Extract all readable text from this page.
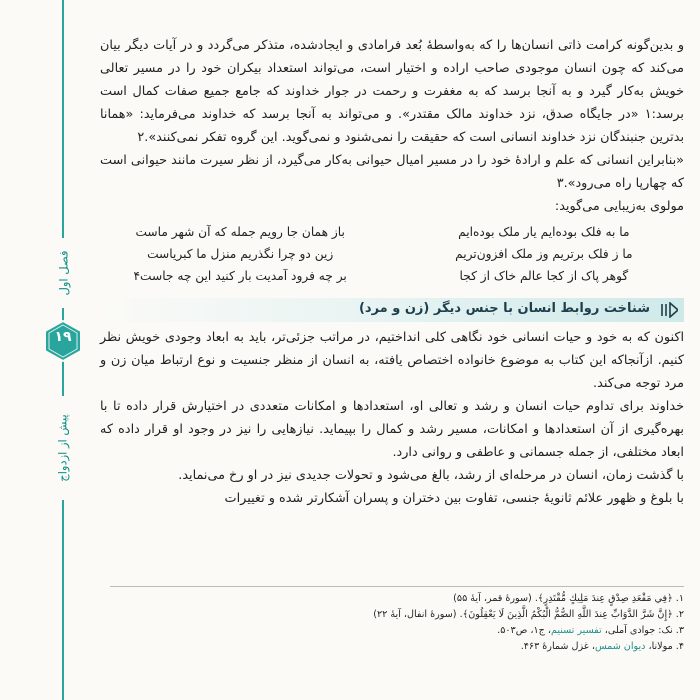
فصل اول
۱۹
پیش از ازدواج

و بدین‌گونه کرامت ذاتی انسان‌ها را که به‌واسطهٔ بُعد فرامادی و ایجادشده، متذکر می‌گردد و در آیات دیگر بیان می‌کند که چون انسان موجودی صاحب اراده و اختیار است، می‌تواند استعداد بیکران خود را در مسیر تعالی خویش به‌کار گیرد و به آنجا برسد که به مغفرت و رحمت در جوار خداوند که جامع جمیع صفات کمال است برسد:۱ «در جایگاه صدق، نزد خداوند مالک مقتدر». و می‌تواند به آنجا برسد که خداوند می‌فرماید: «همانا بدترین جنبندگان نزد خداوند انسانی است که حقیقت را نمی‌شنود و نمی‌گوید. این گروه تفکر نمی‌کنند».۲

«بنابراین انسانی که علم و ارادهٔ خود را در مسیر امیال حیوانی به‌کار می‌گیرد، از نظر سیرت مانند حیوانی است که چهارپا راه می‌رود».۳

مولوی به‌زیبایی می‌گوید:

ما به فلک بوده‌ایم یار ملک بوده‌ایم
باز همان جا رویم جمله که آن شهر ماست
ما ز فلک برتریم وز ملک افزون‌تریم
زین دو چرا نگذریم منزل ما کبریاست
گوهر پاک از کجا عالم خاک از کجا
بر چه فرود آمدیت بار کنید این چه جاست۴
شناخت روابط انسان با جنس دیگر (زن و مرد)

اکنون که به خود و حیات انسانی خود نگاهی کلی انداختیم، در مراتب جزئی‌تر، باید به ابعاد وجودی خویش نظر کنیم. ازآنجاکه این کتاب به موضوع خانواده اختصاص یافته، به انسان از منظر جنسیت و نوع ارتباط میان زن و مرد توجه می‌کند.

خداوند برای تداوم حیات انسان و رشد و تعالی او، استعدادها و امکانات متعددی در اختیارش قرار داده تا با بهره‌گیری از آن استعدادها و امکانات، مسیر رشد و کمال را بپیماید. نیازهایی را نیز در وجود او قرار داده که ابعاد مختلفی، از جمله جسمانی و عاطفی و روانی دارد.

با گذشت زمان، انسان در مرحله‌ای از رشد، بالغ می‌شود و تحولات جدیدی نیز در او رخ می‌نماید.

با بلوغ و ظهور علائم ثانویهٔ جنسی، تفاوت بین دختران و پسران آشکارتر شده و تغییرات

۱. ﴿فِي مَقْعَدِ صِدْقٍ عِندَ مَلِيكٍ مُّقْتَدِرٍ﴾. (سورهٔ قمر، آیهٔ ۵۵)

۲. ﴿إِنَّ شَرَّ الدَّوَابِّ عِندَ اللَّهِ الصُّمُّ الْبُكْمُ الَّذِينَ لَا يَعْقِلُونَ﴾. (سورهٔ انفال، آیهٔ ۲۲)

۳. نک: جوادی آملی، تفسیر تسنیم، ج۱، ص۵۰۳.

۴. مولانا، دیوان شمس، غزل شمارهٔ ۴۶۳.
